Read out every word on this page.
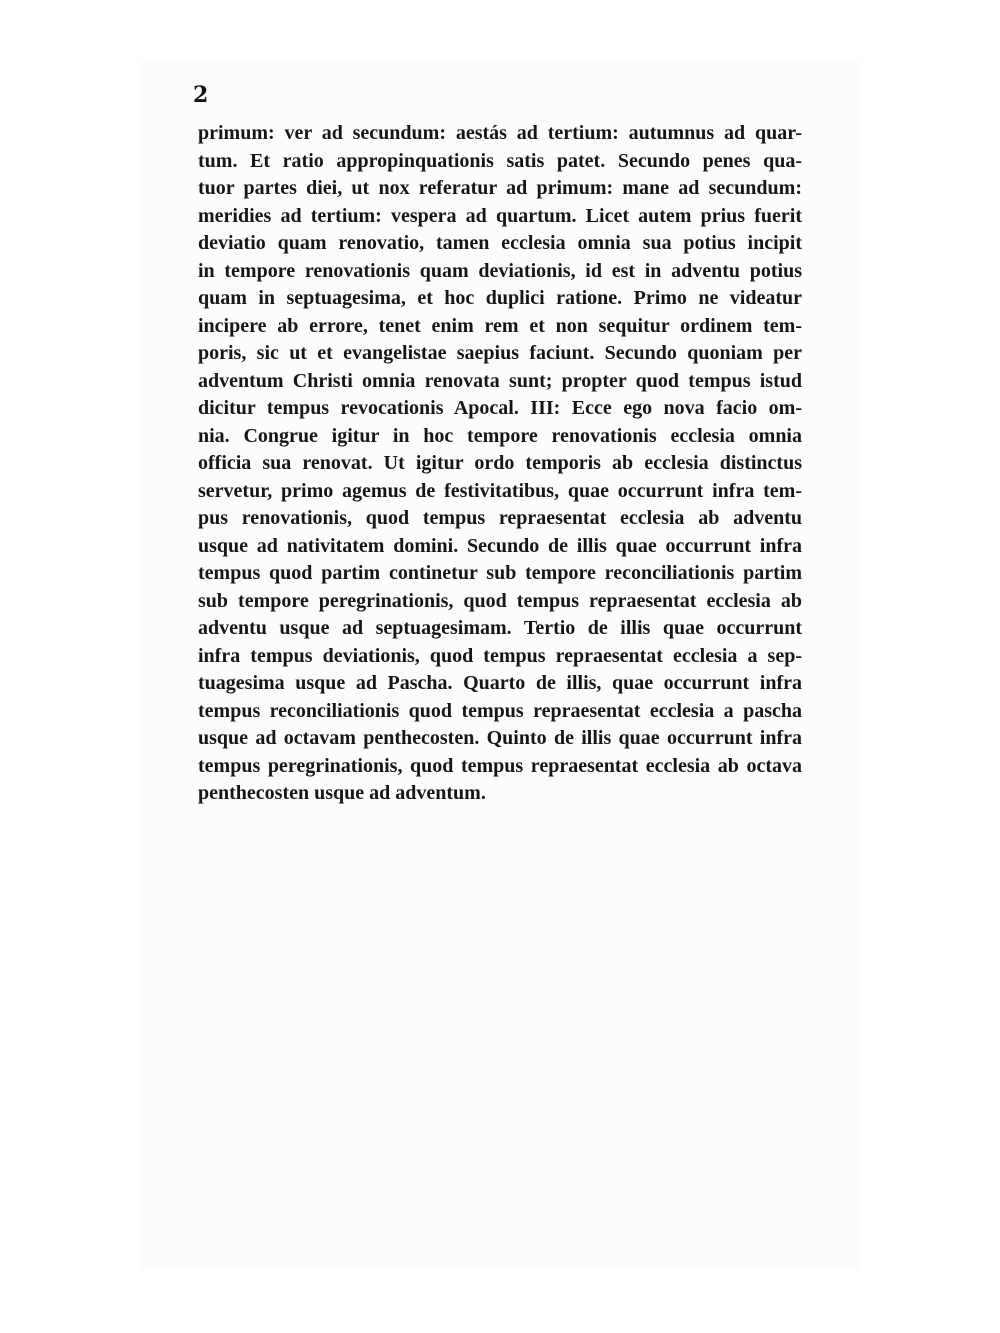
2

primum: ver ad secundum: aestás ad tertium: autumnus ad quar-
tum. Et ratio appropinquationis satis patet. Secundo penes qua-
tuor partes diei, ut nox referatur ad primum: mane ad secundum:
meridies ad tertium: vespera ad quartum. Licet autem prius fuerit
deviatio quam renovatio, tamen ecclesia omnia sua potius incipit
in tempore renovationis quam deviationis, id est in adventu potius
quam in septuagesima, et hoc duplici ratione. Primo ne videatur
incipere ab errore, tenet enim rem et non sequitur ordinem tem-
poris, sic ut et evangelistae saepius faciunt. Secundo quoniam per
adventum Christi omnia renovata sunt; propter quod tempus istud
dicitur tempus revocationis Apocal. III: Ecce ego nova facio om-
nia. Congrue igitur in hoc tempore renovationis ecclesia omnia
officia sua renovat. Ut igitur ordo temporis ab ecclesia distinctus
servetur, primo agemus de festivitatibus, quae occurrunt infra tem-
pus renovationis, quod tempus repraesentat ecclesia ab adventu
usque ad nativitatem domini. Secundo de illis quae occurrunt infra
tempus quod partim continetur sub tempore reconciliationis partim
sub tempore peregrinationis, quod tempus repraesentat ecclesia ab
adventu usque ad septuagesimam. Tertio de illis quae occurrunt
infra tempus deviationis, quod tempus repraesentat ecclesia a sep-
tuagesima usque ad Pascha. Quarto de illis, quae occurrunt infra
tempus reconciliationis quod tempus repraesentat ecclesia a pascha
usque ad octavam penthecosten. Quinto de illis quae occurrunt infra
tempus peregrinationis, quod tempus repraesentat ecclesia ab octava
penthecosten usque ad adventum.
